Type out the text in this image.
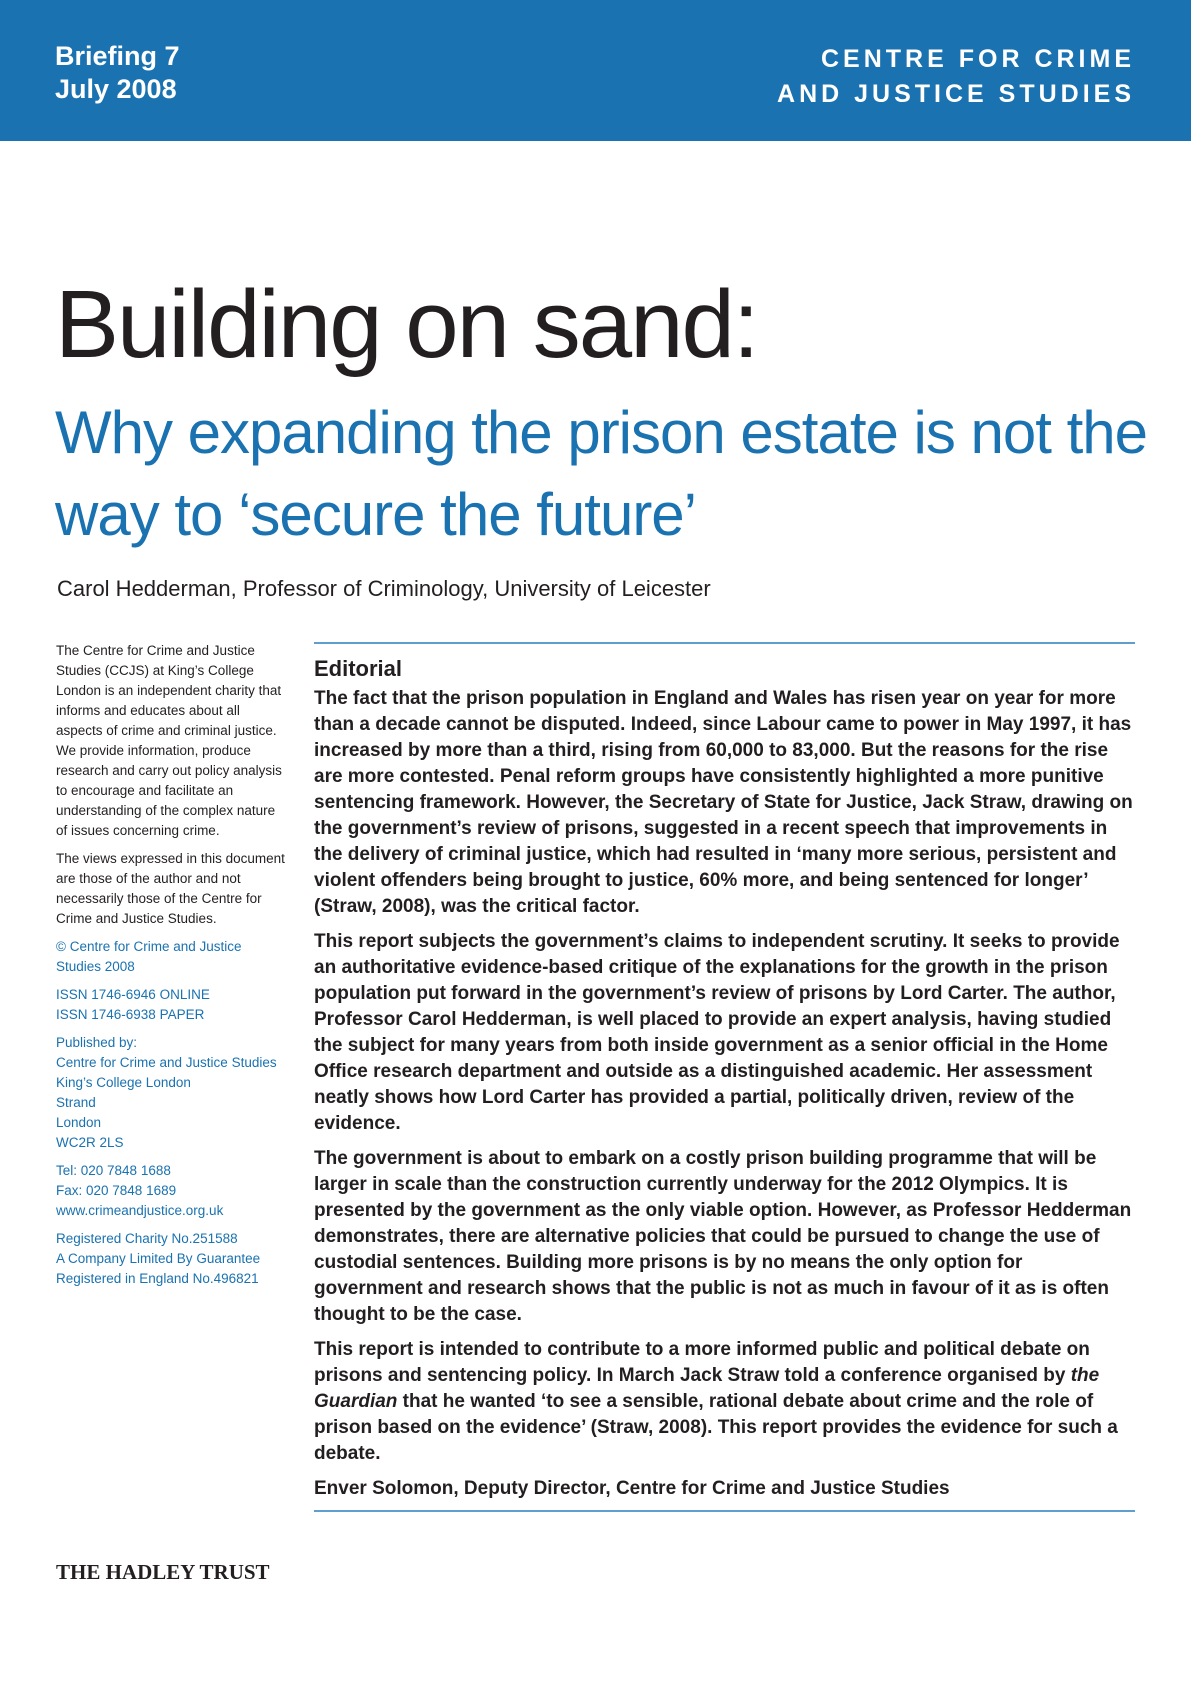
Briefing 7
July 2008
CENTRE FOR CRIME
AND JUSTICE STUDIES
Building on sand:
Why expanding the prison estate is not the way to ‘secure the future’
Carol Hedderman, Professor of Criminology, University of Leicester

The Centre for Crime and Justice Studies (CCJS) at King’s College London is an independent charity that informs and educates about all aspects of crime and criminal justice. We provide information, produce research and carry out policy analysis to encourage and facilitate an understanding of the complex nature of issues concerning crime.

The views expressed in this document are those of the author and not necessarily those of the Centre for Crime and Justice Studies.

© Centre for Crime and Justice
Studies 2008

ISSN 1746-6946 ONLINE
ISSN 1746-6938 PAPER

Published by:
Centre for Crime and Justice Studies
King’s College London
Strand
London
WC2R 2LS

Tel: 020 7848 1688
Fax: 020 7848 1689
www.crimeandjustice.org.uk

Registered Charity No.251588
A Company Limited By Guarantee
Registered in England No.496821

Editorial

The fact that the prison population in England and Wales has risen year on year for more than a decade cannot be disputed. Indeed, since Labour came to power in May 1997, it has increased by more than a third, rising from 60,000 to 83,000. But the reasons for the rise are more contested. Penal reform groups have consistently highlighted a more punitive sentencing framework. However, the Secretary of State for Justice, Jack Straw, drawing on the government’s review of prisons, suggested in a recent speech that improvements in the delivery of criminal justice, which had resulted in ‘many more serious, persistent and violent offenders being brought to justice, 60% more, and being sentenced for longer’ (Straw, 2008), was the critical factor.

This report subjects the government’s claims to independent scrutiny. It seeks to provide an authoritative evidence-based critique of the explanations for the growth in the prison population put forward in the government’s review of prisons by Lord Carter. The author, Professor Carol Hedderman, is well placed to provide an expert analysis, having studied the subject for many years from both inside government as a senior official in the Home Office research department and outside as a distinguished academic. Her assessment neatly shows how Lord Carter has provided a partial, politically driven, review of the evidence.

The government is about to embark on a costly prison building programme that will be larger in scale than the construction currently underway for the 2012 Olympics. It is presented by the government as the only viable option. However, as Professor Hedderman demonstrates, there are alternative policies that could be pursued to change the use of custodial sentences. Building more prisons is by no means the only option for government and research shows that the public is not as much in favour of it as is often thought to be the case.

This report is intended to contribute to a more informed public and political debate on prisons and sentencing policy. In March Jack Straw told a conference organised by the Guardian that he wanted ‘to see a sensible, rational debate about crime and the role of prison based on the evidence’ (Straw, 2008). This report provides the evidence for such a debate.

Enver Solomon, Deputy Director, Centre for Crime and Justice Studies

THE HADLEY TRUST
